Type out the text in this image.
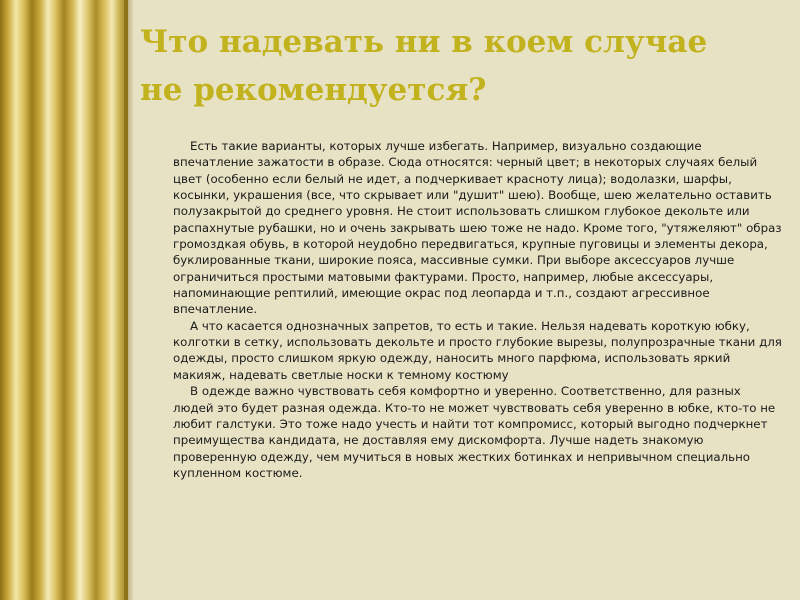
Что надевать ни в коем случае
не рекомендуется?

Есть такие варианты, которых лучше избегать. Например, визуально создающие впечатление зажатости в образе. Сюда относятся: черный цвет; в некоторых случаях белый цвет (особенно если белый не идет, а подчеркивает красноту лица); водолазки, шарфы, косынки, украшения (все, что скрывает или "душит" шею). Вообще, шею желательно оставить полузакрытой до среднего уровня. Не стоит использовать слишком глубокое декольте или распахнутые рубашки, но и очень закрывать шею тоже не надо. Кроме того, "утяжеляют" образ громоздкая обувь, в которой неудобно передвигаться, крупные пуговицы и элементы декора, буклированные ткани, широкие пояса, массивные сумки. При выборе аксессуаров лучше ограничиться простыми матовыми фактурами. Просто, например, любые аксессуары, напоминающие рептилий, имеющие окрас под леопарда и т.п., создают агрессивное впечатление.

А что касается однозначных запретов, то есть и такие. Нельзя надевать короткую юбку, колготки в сетку, использовать декольте и просто глубокие вырезы, полупрозрачные ткани для одежды, просто слишком яркую одежду, наносить много парфюма, использовать яркий макияж, надевать светлые носки к темному костюму

В одежде важно чувствовать себя комфортно и уверенно. Соответственно, для разных людей это будет разная одежда. Кто-то не может чувствовать себя уверенно в юбке, кто-то не любит галстуки. Это тоже надо учесть и найти тот компромисс, который выгодно подчеркнет преимущества кандидата, не доставляя ему дискомфорта. Лучше надеть знакомую проверенную одежду, чем мучиться в новых жестких ботинках и непривычном специально купленном костюме.
